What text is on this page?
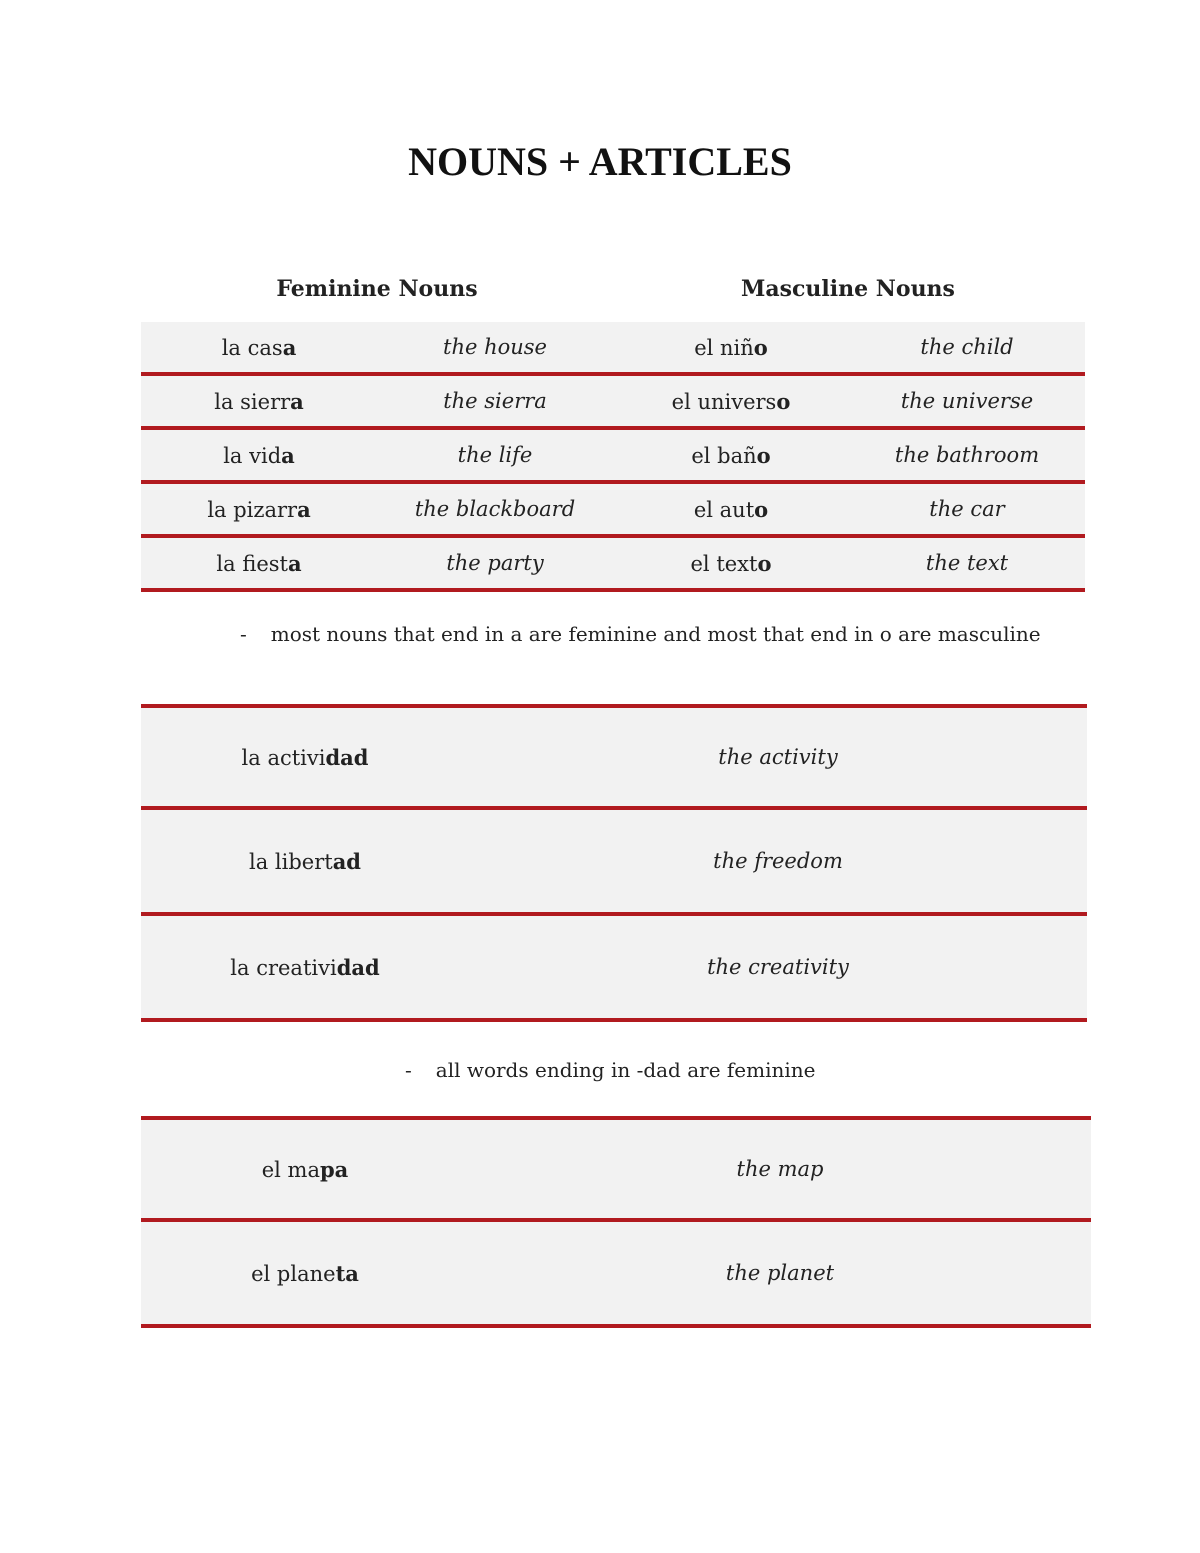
NOUNS + ARTICLES
Feminine Nouns	Masculine Nouns
la casa	the house	el niño	the child
la sierra	the sierra	el universo	the universe
la vida	the life	el baño	the bathroom
la pizarra	the blackboard	el auto	the car
la fiesta	the party	el texto	the text
- most nouns that end in a are feminine and most that end in o are masculine
la actividad	the activity
la libertad	the freedom
la creatividad	the creativity
- all words ending in -dad are feminine
el mapa	the map
el planeta	the planet
